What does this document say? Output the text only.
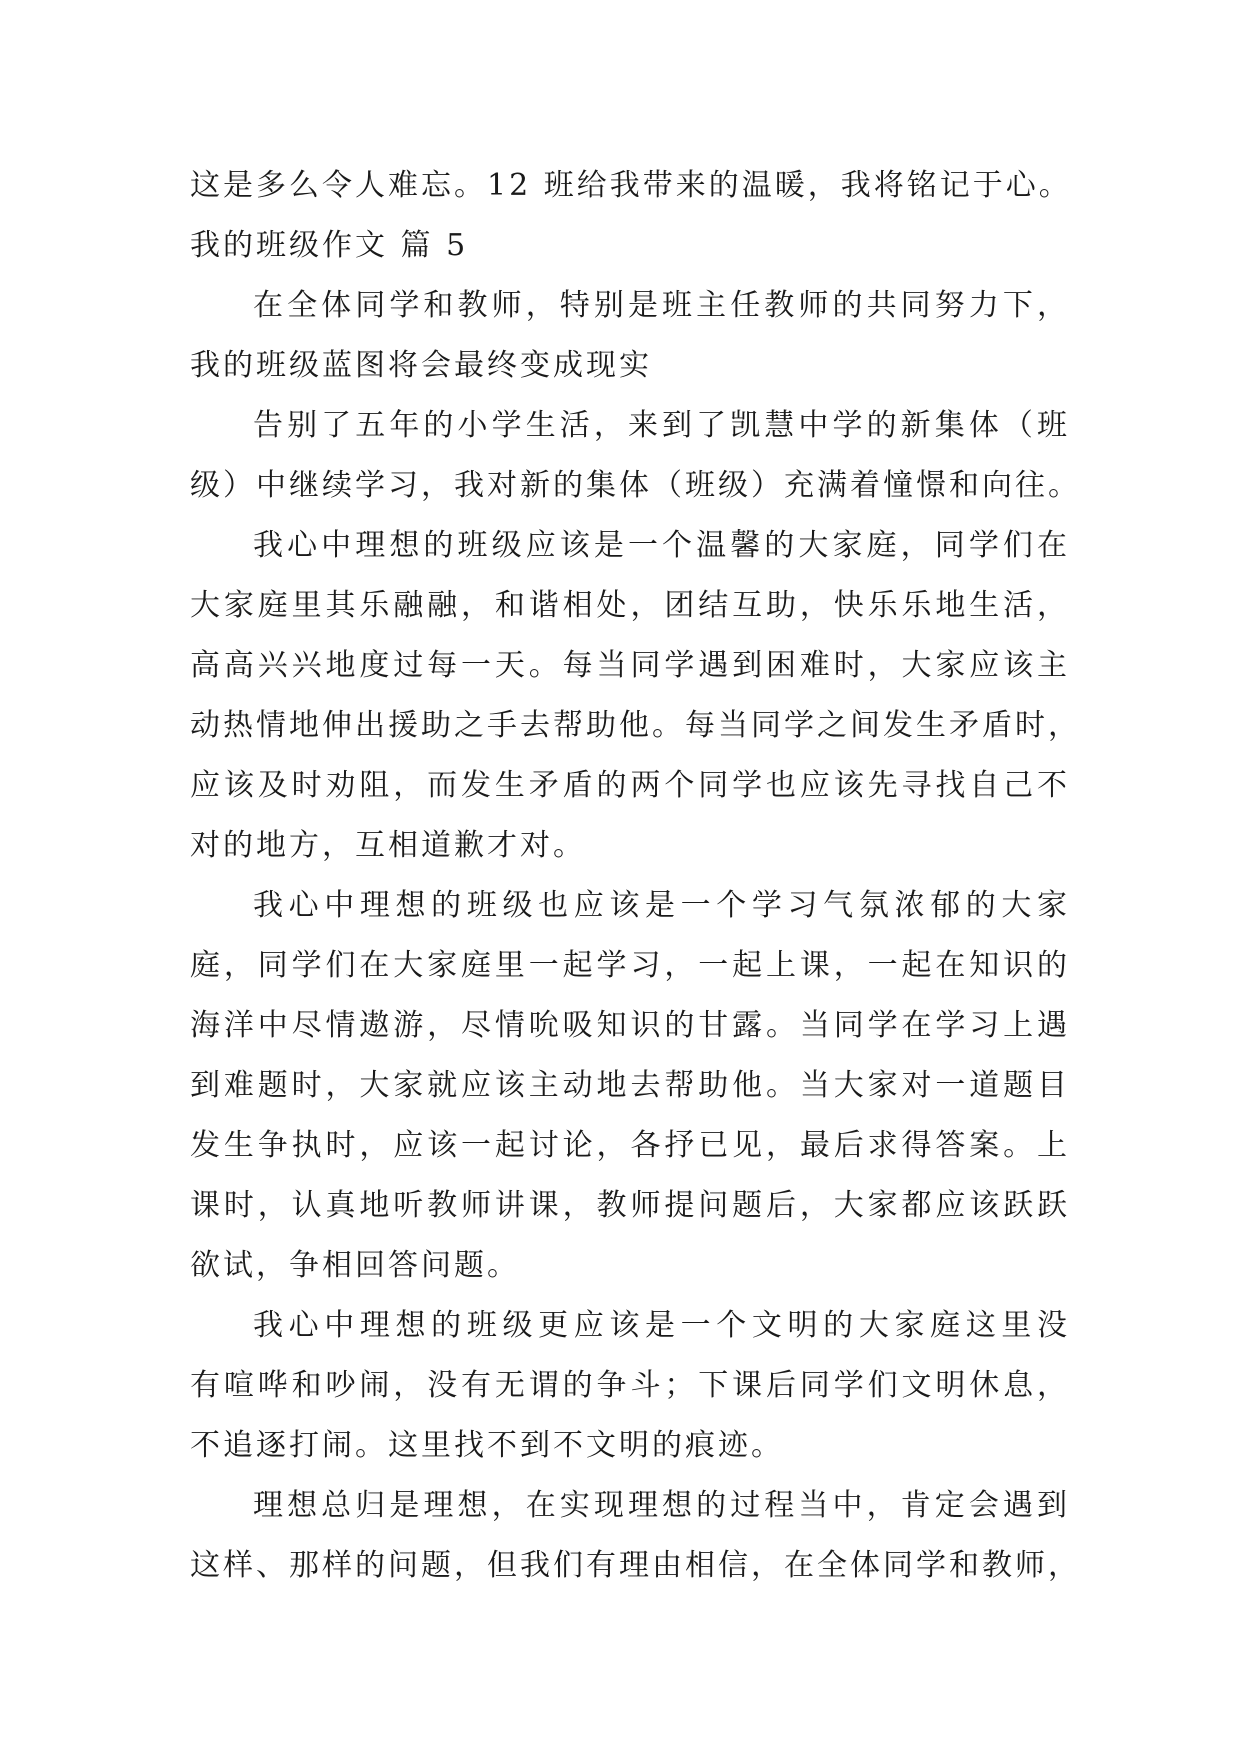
这是多么令人难忘。12 班给我带来的温暖，我将铭记于心。
我的班级作文 篇 5
在全体同学和教师，特别是班主任教师的共同努力下，
我的班级蓝图将会最终变成现实
告别了五年的小学生活，来到了凯慧中学的新集体（班
级）中继续学习，我对新的集体（班级）充满着憧憬和向往。
我心中理想的班级应该是一个温馨的大家庭，同学们在
大家庭里其乐融融，和谐相处，团结互助，快乐乐地生活，
高高兴兴地度过每一天。每当同学遇到困难时，大家应该主
动热情地伸出援助之手去帮助他。每当同学之间发生矛盾时，
应该及时劝阻，而发生矛盾的两个同学也应该先寻找自己不
对的地方，互相道歉才对。
我心中理想的班级也应该是一个学习气氛浓郁的大家
庭，同学们在大家庭里一起学习，一起上课，一起在知识的
海洋中尽情遨游，尽情吮吸知识的甘露。当同学在学习上遇
到难题时，大家就应该主动地去帮助他。当大家对一道题目
发生争执时，应该一起讨论，各抒已见，最后求得答案。上
课时，认真地听教师讲课，教师提问题后，大家都应该跃跃
欲试，争相回答问题。
我心中理想的班级更应该是一个文明的大家庭这里没
有喧哗和吵闹，没有无谓的争斗；下课后同学们文明休息，
不追逐打闹。这里找不到不文明的痕迹。
理想总归是理想，在实现理想的过程当中，肯定会遇到
这样、那样的问题，但我们有理由相信，在全体同学和教师，
